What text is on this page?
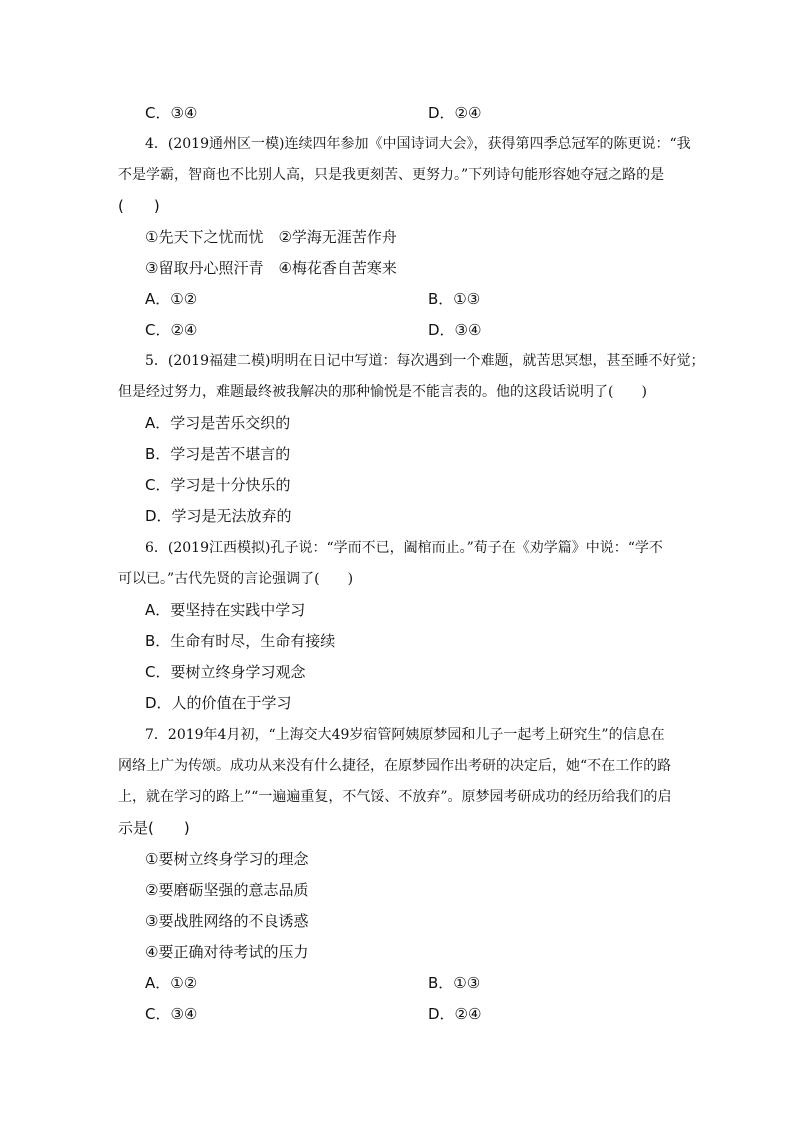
C．③④	D．②④
4．(2019通州区一模)连续四年参加《中国诗词大会》，获得第四季总冠军的陈更说：“我
不是学霸，智商也不比别人高，只是我更刻苦、更努力。”下列诗句能形容她夺冠之路的是
(　　)
①先天下之忧而忧　②学海无涯苦作舟
③留取丹心照汗青　④梅花香自苦寒来
A．①②	B．①③
C．②④	D．③④
5．(2019福建二模)明明在日记中写道：每次遇到一个难题，就苦思冥想，甚至睡不好觉；
但是经过努力，难题最终被我解决的那种愉悦是不能言表的。他的这段话说明了(　　)
A．学习是苦乐交织的
B．学习是苦不堪言的
C．学习是十分快乐的
D．学习是无法放弃的
6．(2019江西模拟)孔子说：“学而不已，阖棺而止。”荀子在《劝学篇》中说：“学不
可以已。”古代先贤的言论强调了(　　)
A．要坚持在实践中学习
B．生命有时尽，生命有接续
C．要树立终身学习观念
D．人的价值在于学习
7．2019年4月初，“上海交大49岁宿管阿姨原梦园和儿子一起考上研究生”的信息在
网络上广为传颂。成功从来没有什么捷径，在原梦园作出考研的决定后，她“不在工作的路
上，就在学习的路上”“一遍遍重复，不气馁、不放弃”。原梦园考研成功的经历给我们的启
示是(　　)
①要树立终身学习的理念
②要磨砺坚强的意志品质
③要战胜网络的不良诱惑
④要正确对待考试的压力
A．①②	B．①③
C．③④	D．②④
